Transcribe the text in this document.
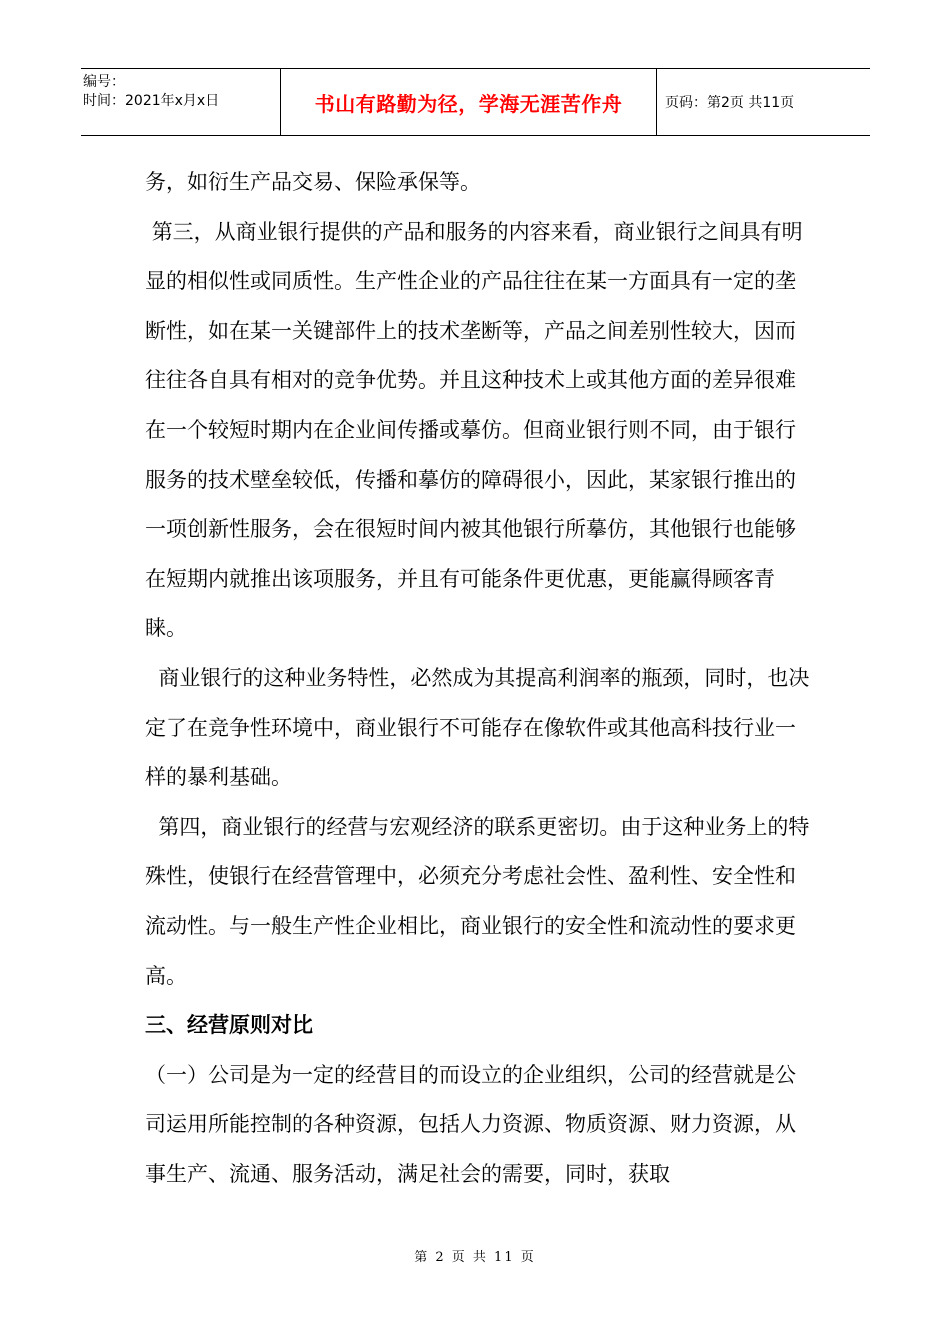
编号：
时间：2021年x月x日	书山有路勤为径，学海无涯苦作舟	页码：第2页 共11页

务，如衍生产品交易、保险承保等。

第三，从商业银行提供的产品和服务的内容来看，商业银行之间具有明显的相似性或同质性。生产性企业的产品往往在某一方面具有一定的垄断性，如在某一关键部件上的技术垄断等，产品之间差别性较大，因而往往各自具有相对的竞争优势。并且这种技术上或其他方面的差异很难在一个较短时期内在企业间传播或摹仿。但商业银行则不同，由于银行服务的技术壁垒较低，传播和摹仿的障碍很小，因此，某家银行推出的一项创新性服务，会在很短时间内被其他银行所摹仿，其他银行也能够在短期内就推出该项服务，并且有可能条件更优惠，更能赢得顾客青睐。

商业银行的这种业务特性，必然成为其提高利润率的瓶颈，同时，也决定了在竞争性环境中，商业银行不可能存在像软件或其他高科技行业一样的暴利基础。

第四，商业银行的经营与宏观经济的联系更密切。由于这种业务上的特殊性，使银行在经营管理中，必须充分考虑社会性、盈利性、安全性和流动性。与一般生产性企业相比，商业银行的安全性和流动性的要求更高。

三、经营原则对比

（一）公司是为一定的经营目的而设立的企业组织，公司的经营就是公司运用所能控制的各种资源，包括人力资源、物质资源、财力资源，从事生产、流通、服务活动，满足社会的需要，同时，获取

第 2 页 共 11 页
